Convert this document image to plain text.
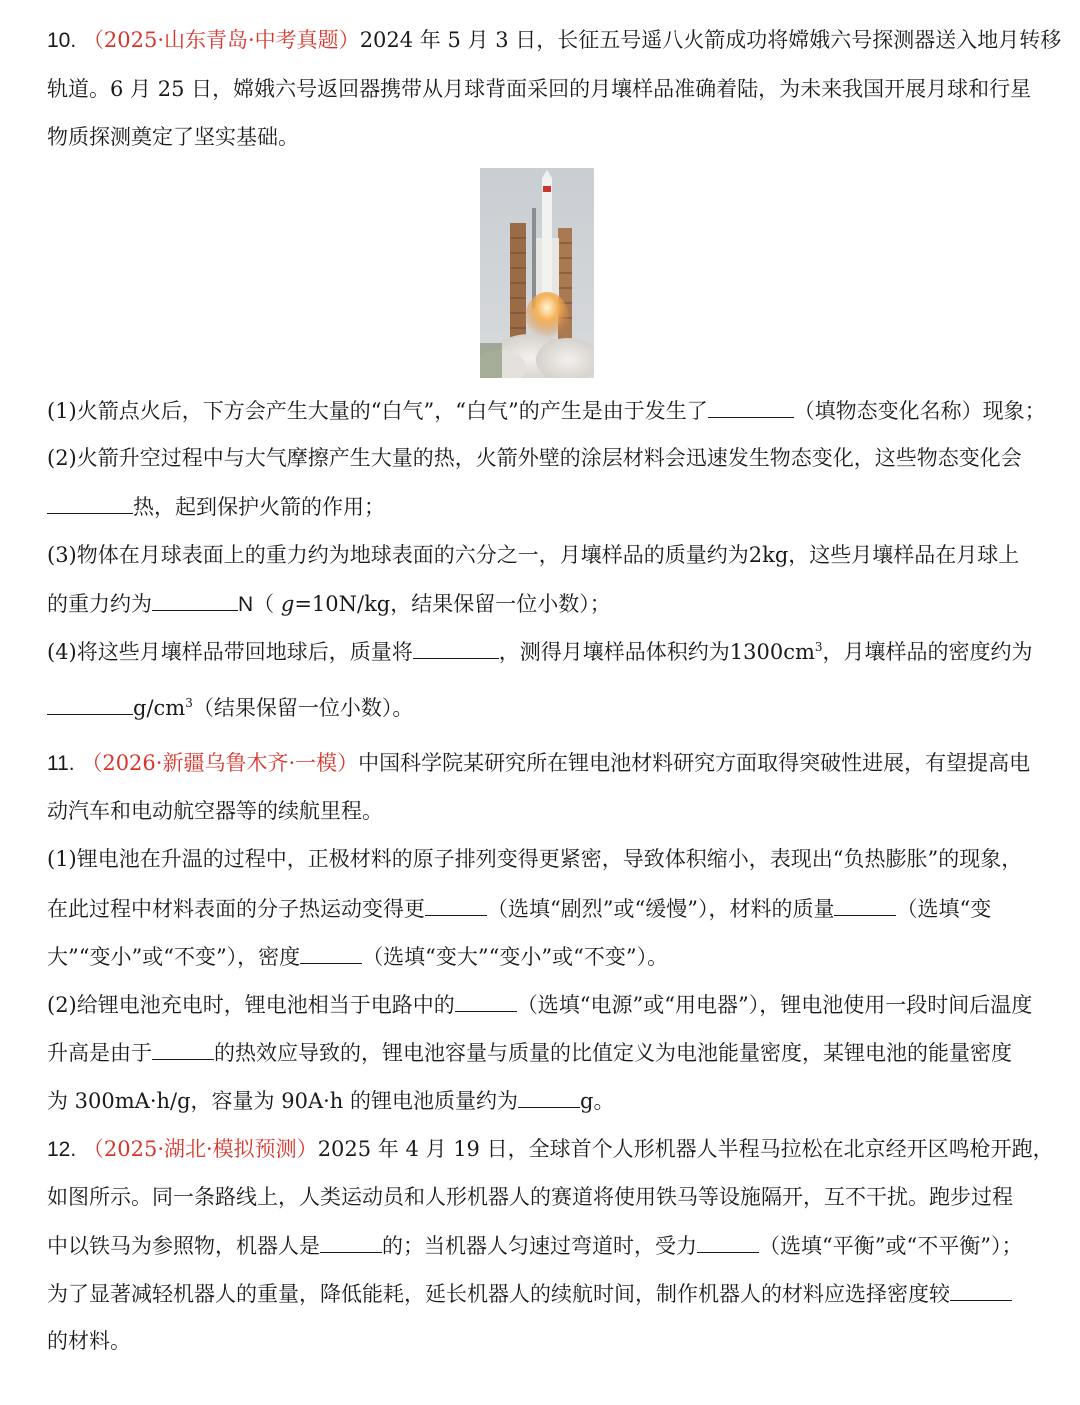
10. （2025·山东青岛·中考真题）2024 年 5 月 3 日，长征五号遥八火箭成功将嫦娥六号探测器送入地月转移
轨道。6 月 25 日，嫦娥六号返回器携带从月球背面采回的月壤样品准确着陆，为未来我国开展月球和行星
物质探测奠定了坚实基础。
(1)火箭点火后，下方会产生大量的“白气”，“白气”的产生是由于发生了	（填物态变化名称）现象；
(2)火箭升空过程中与大气摩擦产生大量的热，火箭外壁的涂层材料会迅速发生物态变化，这些物态变化会
热，起到保护火箭的作用；
(3)物体在月球表面上的重力约为地球表面的六分之一，月壤样品的质量约为2kg，这些月壤样品在月球上
的重力约为	N（ g=10N/kg，结果保留一位小数）；
(4)将这些月壤样品带回地球后，质量将	，测得月壤样品体积约为$1300cm^3$，月壤样品的密度约为
$g/cm^3$（结果保留一位小数）。
11. （2026·新疆乌鲁木齐·一模）中国科学院某研究所在锂电池材料研究方面取得突破性进展，有望提高电
动汽车和电动航空器等的续航里程。
(1)锂电池在升温的过程中，正极材料的原子排列变得更紧密，导致体积缩小，表现出“负热膨胀”的现象，
在此过程中材料表面的分子热运动变得更	（选填“剧烈”或“缓慢”），材料的质量	（选填“变
大”“变小”或“不变”），密度	（选填“变大”“变小”或“不变”）。
(2)给锂电池充电时，锂电池相当于电路中的	（选填“电源”或“用电器”），锂电池使用一段时间后温度
升高是由于	的热效应导致的，锂电池容量与质量的比值定义为电池能量密度，某锂电池的能量密度
为 300mA·h/g，容量为 90A·h 的锂电池质量约为	g。
12. （2025·湖北·模拟预测）2025 年 4 月 19 日，全球首个人形机器人半程马拉松在北京经开区鸣枪开跑，
如图所示。同一条路线上，人类运动员和人形机器人的赛道将使用铁马等设施隔开，互不干扰。跑步过程
中以铁马为参照物，机器人是	的；当机器人匀速过弯道时，受力	（选填“平衡”或“不平衡”）；
为了显著减轻机器人的重量，降低能耗，延长机器人的续航时间，制作机器人的材料应选择密度较
的材料。
